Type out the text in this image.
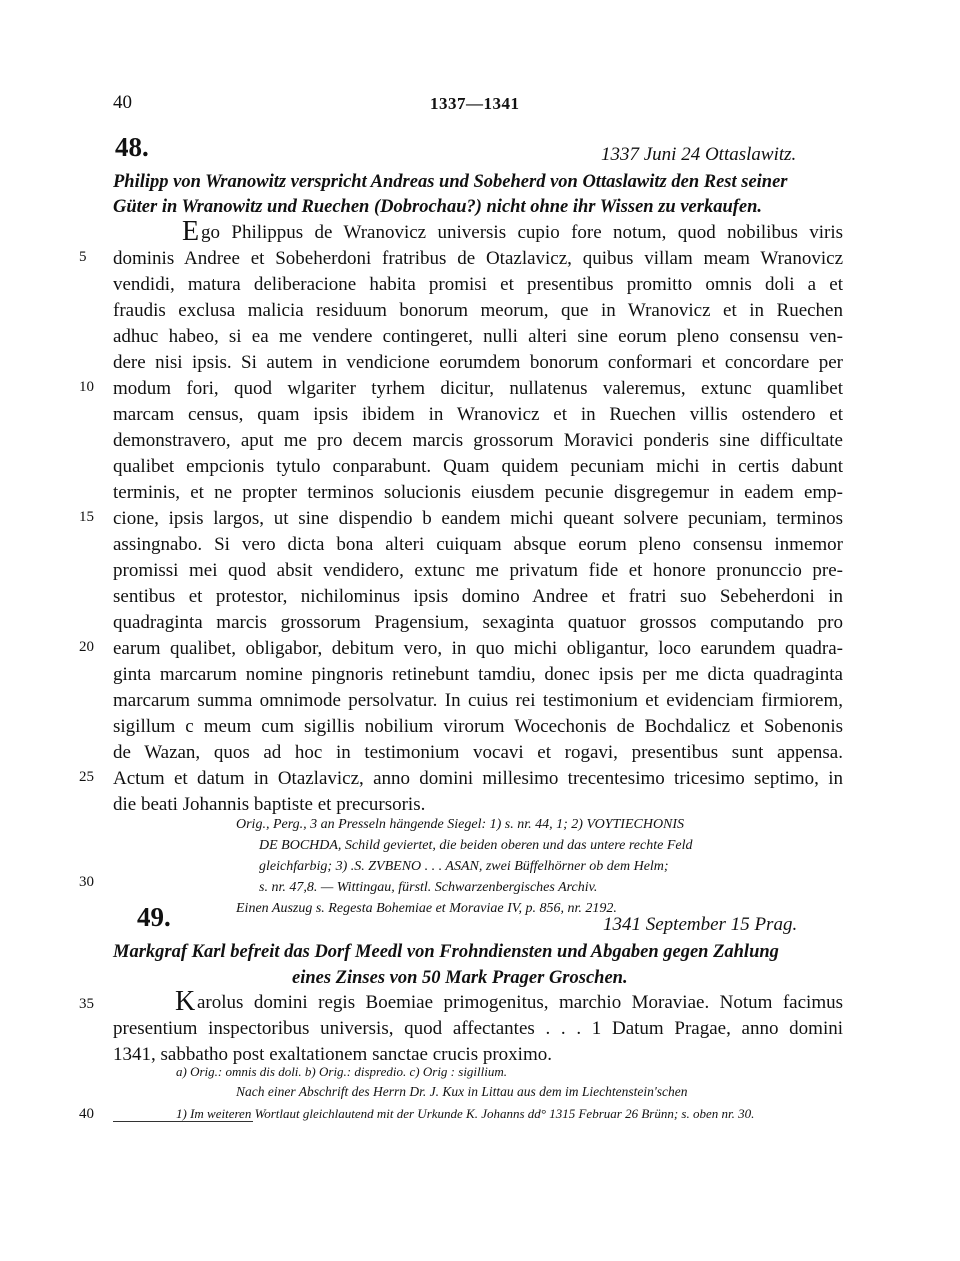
40	1337—1341
48.	1337 Juni 24 Ottaslawitz.
Philipp von Wranowitz verspricht Andreas und Sobeherd von Ottaslawitz den Rest seiner
Güter in Wranowitz und Ruechen (Dobrochau?) nicht ohne ihr Wissen zu verkaufen.
E go Philippus de Wranovicz universis cupio fore notum, quod nobilibus viris
dominis Andree et Sobeherdoni fratribus de Otazlavicz, quibus villam meam Wranovicz
vendidi, matura deliberacione habita promisi et presentibus promitto omnis doli a et
fraudis exclusa malicia residuum bonorum meorum, que in Wranovicz et in Ruechen
adhuc habeo, si ea me vendere contingeret, nulli alteri sine eorum pleno consensu ven-
dere nisi ipsis. Si autem in vendicione eorumdem bonorum conformari et concordare per
modum fori, quod wlgariter tyrhem dicitur, nullatenus valeremus, extunc quamlibet
marcam census, quam ipsis ibidem in Wranovicz et in Ruechen villis ostendero et
demonstravero, aput me pro decem marcis grossorum Moravici ponderis sine difficultate
qualibet empcionis tytulo conparabunt. Quam quidem pecuniam michi in certis dabunt
terminis, et ne propter terminos solucionis eiusdem pecunie disgregemur in eadem emp-
cione, ipsis largos, ut sine dispendio b eandem michi queant solvere pecuniam, terminos
assingnabo. Si vero dicta bona alteri cuiquam absque eorum pleno consensu inmemor
promissi mei quod absit vendidero, extunc me privatum fide et honore pronunccio pre-
sentibus et protestor, nichilominus ipsis domino Andree et fratri suo Sebeherdoni in
quadraginta marcis grossorum Pragensium, sexaginta quatuor grossos computando pro
earum qualibet, obligabor, debitum vero, in quo michi obligantur, loco earundem quadra-
ginta marcarum nomine pingnoris retinebunt tamdiu, donec ipsis per me dicta quadraginta
marcarum summa omnimode persolvatur. In cuius rei testimonium et evidenciam firmiorem,
sigillum c meum cum sigillis nobilium virorum Wocechonis de Bochdalicz et Sobenonis
de Wazan, quos ad hoc in testimonium vocavi et rogavi, presentibus sunt appensa.
Actum et datum in Otazlavicz, anno domini millesimo trecentesimo tricesimo septimo, in
die beati Johannis baptiste et precursoris.
Orig., Perg., 3 an Presseln hängende Siegel: 1) s. nr. 44, 1; 2) VOYTIECHONIS
DE BOCHDA, Schild geviertet, die beiden oberen und das untere rechte Feld
gleichfarbig; 3) .S. ZVBENO . . . ASAN, zwei Büffelhörner ob dem Helm;
s. nr. 47,8. — Wittingau, fürstl. Schwarzenbergisches Archiv.
Einen Auszug s. Regesta Bohemiae et Moraviae IV, p. 856, nr. 2192.
49.	1341 September 15 Prag.
Markgraf Karl befreit das Dorf Meedl von Frohndiensten und Abgaben gegen Zahlung
eines Zinses von 50 Mark Prager Groschen.
K arolus domini regis Boemiae primogenitus, marchio Moraviae. Notum facimus
presentium inspectoribus universis, quod affectantes . . . 1 Datum Pragae, anno domini
1341, sabbatho post exaltationem sanctae crucis proximo.
a) Orig.: omnis dis doli. b) Orig.: dispredio. c) Orig : sigillium.
Nach einer Abschrift des Herrn Dr. J. Kux in Littau aus dem im Liechtenstein'schen
1) Im weiteren Wortlaut gleichlautend mit der Urkunde K. Johanns dd° 1315 Februar 26 Brünn; s. oben nr. 30.
5
10
15
20
25
30
35
40
